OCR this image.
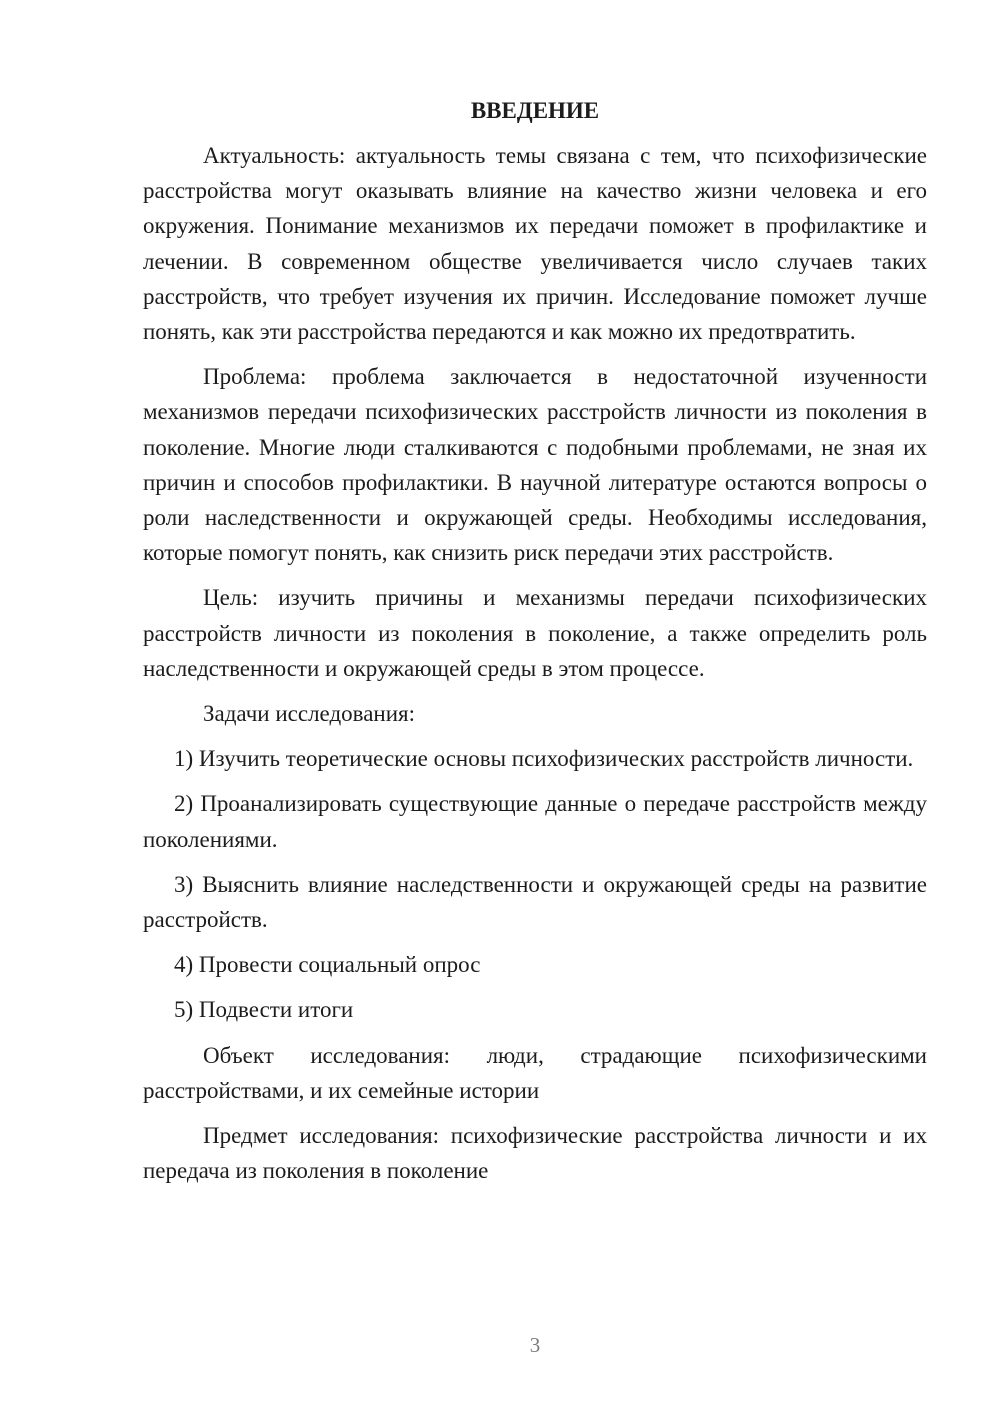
ВВЕДЕНИЕ

Актуальность: актуальность темы связана с тем, что психофизические расстройства могут оказывать влияние на качество жизни человека и его окружения. Понимание механизмов их передачи поможет в профилактике и лечении. В современном обществе увеличивается число случаев таких расстройств, что требует изучения их причин. Исследование поможет лучше понять, как эти расстройства передаются и как можно их предотвратить.

Проблема: проблема заключается в недостаточной изученности механизмов передачи психофизических расстройств личности из поколения в поколение. Многие люди сталкиваются с подобными проблемами, не зная их причин и способов профилактики. В научной литературе остаются вопросы о роли наследственности и окружающей среды. Необходимы исследования, которые помогут понять, как снизить риск передачи этих расстройств.

Цель: изучить причины и механизмы передачи психофизических расстройств личности из поколения в поколение, а также определить роль наследственности и окружающей среды в этом процессе.

Задачи исследования:

1) Изучить теоретические основы психофизических расстройств личности.

2) Проанализировать существующие данные о передаче расстройств между поколениями.

3) Выяснить влияние наследственности и окружающей среды на развитие расстройств.

4) Провести социальный опрос

5) Подвести итоги

Объект исследования: люди, страдающие психофизическими расстройствами, и их семейные истории

Предмет исследования: психофизические расстройства личности и их передача из поколения в поколение

3
